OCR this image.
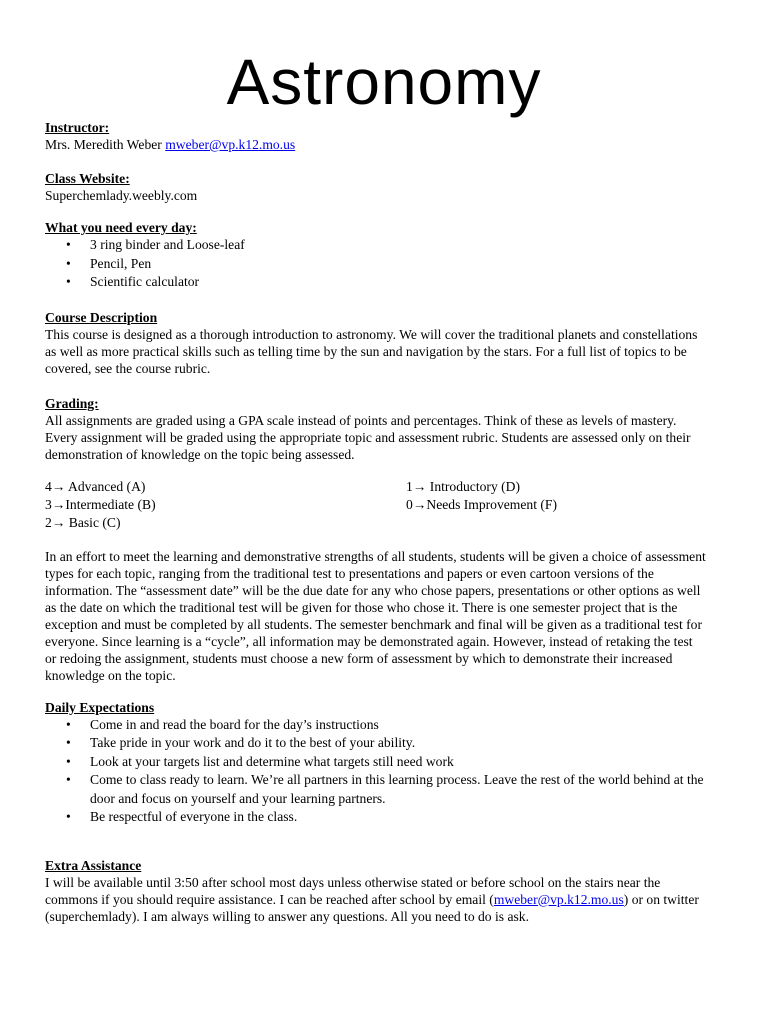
Astronomy

Instructor:

Mrs. Meredith Weber mweber@vp.k12.mo.us

Class Website:

Superchemlady.weebly.com

What you need every day:

• 3 ring binder and Loose-leaf
• Pencil, Pen
• Scientific calculator

Course Description

This course is designed as a thorough introduction to astronomy. We will cover the traditional planets and constellations
as well as more practical skills such as telling time by the sun and navigation by the stars. For a full list of topics to be
covered, see the course rubric.

Grading:

All assignments are graded using a GPA scale instead of points and percentages. Think of these as levels of mastery.
Every assignment will be graded using the appropriate topic and assessment rubric. Students are assessed only on their
demonstration of knowledge on the topic being assessed.
4→ Advanced (A)
3→Intermediate (B)
2→ Basic (C)
1→ Introductory (D)
0→Needs Improvement (F)
In an effort to meet the learning and demonstrative strengths of all students, students will be given a choice of assessment
types for each topic, ranging from the traditional test to presentations and papers or even cartoon versions of the
information. The “assessment date” will be the due date for any who chose papers, presentations or other options as well
as the date on which the traditional test will be given for those who chose it. There is one semester project that is the
exception and must be completed by all students. The semester benchmark and final will be given as a traditional test for
everyone. Since learning is a “cycle”, all information may be demonstrated again. However, instead of retaking the test
or redoing the assignment, students must choose a new form of assessment by which to demonstrate their increased
knowledge on the topic.

Daily Expectations

• Come in and read the board for the day’s instructions
• Take pride in your work and do it to the best of your ability.
• Look at your targets list and determine what targets still need work
• Come to class ready to learn. We’re all partners in this learning process. Leave the rest of the world behind at the
door and focus on yourself and your learning partners.
• Be respectful of everyone in the class.

Extra Assistance

I will be available until 3:50 after school most days unless otherwise stated or before school on the stairs near the
commons if you should require assistance. I can be reached after school by email (mweber@vp.k12.mo.us) or on twitter
(superchemlady). I am always willing to answer any questions. All you need to do is ask.
